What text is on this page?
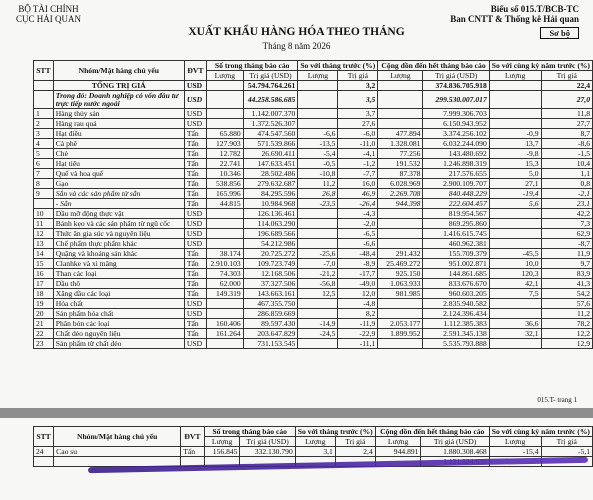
BỘ TÀI CHÍNH
CỤC HẢI QUAN
Biểu số 015.T/BCB-TC
Ban CNTT & Thống kê Hải quan
Sơ bộ
XUẤT KHẨU HÀNG HÓA THEO THÁNG
Tháng 8 năm 2026
STT	Nhóm/Mặt hàng chủ yếu	ĐVT	Số trong tháng báo cáo		So với tháng trước (%)		Cộng dồn đến hết tháng báo cáo		So với cùng kỳ năm trước (%)	
			Lượng	Trị giá (USD)	Lượng	Trị giá	Lượng	Trị giá (USD)	Lượng	Trị giá
	TỔNG TRỊ GIÁ	USD		54.794.764.261		3,2		374.836.705.918		22,4
	Trong đó: Doanh nghiệp có vốn đầu tư trực tiếp nước ngoài	USD		44.258.586.685		3,5		299.530.007.017		27,0
1	Hàng thủy sản	USD		1.142.007.370		3,7		7.999.306.703		11,8
2	Hàng rau quả	USD		1.372.526.307		27,6		6.150.943.952		27,7
3	Hạt điều	Tấn	65.880	474.547.560	-6,6	-6,0	477.894	3.374.256.102	-0,9	8,7
4	Cà phê	Tấn	127.903	571.539.866	-13,5	-11,0	1.328.081	6.032.244.090	13,7	-8,6
5	Chè	Tấn	12.782	26.690.411	-5,4	-4,1	77.256	143.480.692	-9,8	-1,5
6	Hạt tiêu	Tấn	22.741	147.633.451	-0,5	-1,2	191.532	1.246.898.319	15,3	10,4
7	Quế và hoa quế	Tấn	10.346	28.502.486	-10,8	-7,7	87.378	217.576.655	5,0	1,1
8	Gạo	Tấn	538.856	279.632.687	11,2	16,0	6.028.969	2.900.109.707	27,1	0,8
9	Sắn và các sản phẩm từ sắn	Tấn	165.996	84.295.596	26,8	46,9	2.269.708	840.448.229	-19,4	-2,1
	- Sắn	Tấn	44.815	10.984.968	-23,5	-26,4	944.398	222.604.457	5,6	23,1
10	Dầu mỡ động thực vật	USD		126.136.461		-4,3		819.954.567		42,2
11	Bánh kẹo và các sản phẩm từ ngũ cốc	USD		114.063.290		-2,0		869.295.860		7,3
12	Thức ăn gia súc và nguyên liệu	USD		196.689.566		-6,5		1.416.615.745		62,9
13	Chế phẩm thực phẩm khác	USD		54.212.986		-6,6		460.962.381		-8,7
14	Quặng và khoáng sản khác	Tấn	38.174	20.725.272	-25,6	-48,4	291.432	155.709.379	-45,5	11,9
15	Clanhke và xi măng	Tấn	2.910.103	109.723.749	-7,0	-8,9	25.469.272	951.002.871	10,0	9,7
16	Than các loại	Tấn	74.303	12.168.506	-21,2	-17,7	925.150	144.861.685	120,3	83,9
17	Dầu thô	Tấn	62.000	37.327.506	-56,8	-49,0	1.063.933	833.676.670	42,1	41,3
18	Xăng dầu các loại	Tấn	149.319	143.663.161	12,5	12,0	981.985	960.603.205	7,5	54,2
19	Hóa chất	USD		467.355.750		-4,8		2.835.940.582		57,6
20	Sản phẩm hóa chất	USD		286.859.669		8,2		2.124.396.434		11,2
21	Phân bón các loại	Tấn	160.406	89.597.430	-14,9	-11,9	2.053.177	1.112.385.383	36,6	78,2
22	Chất dẻo nguyên liệu	Tấn	161.264	203.647.829	-24,5	-22,9	1.899.952	2.591.345.138	32,1	12,2
23	Sản phẩm từ chất dẻo	USD		731.153.545		-11,1		5.535.793.888		12,9
015.T- trang 1
STT	Nhóm/Mặt hàng chủ yếu	ĐVT	Số trong tháng báo cáo		So với tháng trước (%)		Cộng dồn đến hết tháng báo cáo		So với cùng kỳ năm trước (%)	
			Lượng	Trị giá (USD)	Lượng	Trị giá	Lượng	Trị giá (USD)	Lượng	Trị giá
24	Cao su	Tấn	156.845	332.130.790	3,1	2,4	944.891	1.880.308.468	-15,4	-5,1
